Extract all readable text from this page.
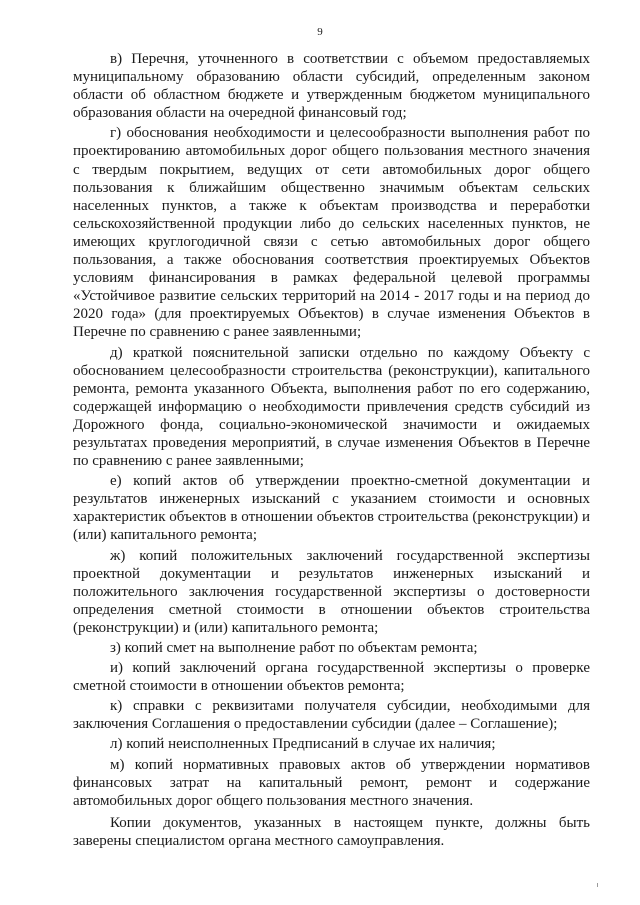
9

в) Перечня, уточненного в соответствии с объемом предоставляемых муниципальному образованию области субсидий, определенным законом области об областном бюджете и утвержденным бюджетом муниципального образования области на очередной финансовый год;

г) обоснования необходимости и целесообразности выполнения работ по проектированию автомобильных дорог общего пользования местного значения с твердым покрытием, ведущих от сети автомобильных дорог общего пользования к ближайшим общественно значимым объектам сельских населенных пунктов, а также к объектам производства и переработки сельскохозяйственной продукции либо до сельских населенных пунктов, не имеющих круглогодичной связи с сетью автомобильных дорог общего пользования, а также обоснования соответствия проектируемых Объектов условиям финансирования в рамках федеральной целевой программы «Устойчивое развитие сельских территорий на 2014 - 2017 годы и на период до 2020 года» (для проектируемых Объектов) в случае изменения Объектов в Перечне по сравнению с ранее заявленными;

д) краткой пояснительной записки отдельно по каждому Объекту с обоснованием целесообразности строительства (реконструкции), капитального ремонта, ремонта указанного Объекта, выполнения работ по его содержанию, содержащей информацию о необходимости привлечения средств субсидий из Дорожного фонда, социально-экономической значимости и ожидаемых результатах проведения мероприятий, в случае изменения Объектов в Перечне по сравнению с ранее заявленными;

е) копий актов об утверждении проектно-сметной документации и результатов инженерных изысканий с указанием стоимости и основных характеристик объектов в отношении объектов строительства (реконструкции) и (или) капитального ремонта;

ж) копий положительных заключений государственной экспертизы проектной документации и результатов инженерных изысканий и положительного заключения государственной экспертизы о достоверности определения сметной стоимости в отношении объектов строительства (реконструкции) и (или) капитального ремонта;

з) копий смет на выполнение работ по объектам ремонта;

и) копий заключений органа государственной экспертизы о проверке сметной стоимости в отношении объектов ремонта;

к) справки с реквизитами получателя субсидии, необходимыми для заключения Соглашения о предоставлении субсидии (далее – Соглашение);

л) копий неисполненных Предписаний в случае их наличия;

м) копий нормативных правовых актов об утверждении нормативов финансовых затрат на капитальный ремонт, ремонт и содержание автомобильных дорог общего пользования местного значения.

Копии документов, указанных в настоящем пункте, должны быть заверены специалистом органа местного самоуправления.
